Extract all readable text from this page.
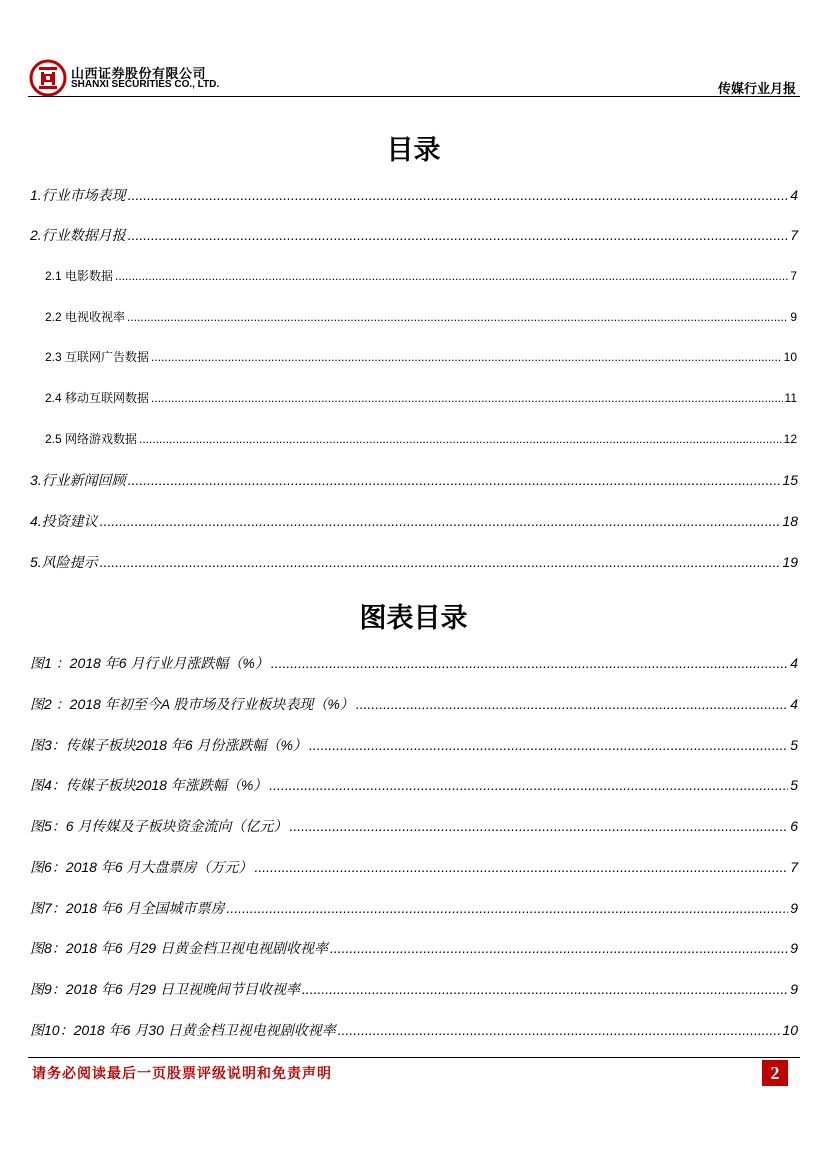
山西证券股份有限公司
SHANXI SECURITIES CO., LTD.	传媒行业月报
目录
1.行业市场表现 .....	4
2.行业数据月报 .....	7
2.1 电影数据 .....	7
2.2 电视收视率 .....	9
2.3 互联网广告数据 .....	10
2.4 移动互联网数据 .....	11
2.5 网络游戏数据 .....	12
3.行业新闻回顾 .....	15
4.投资建议 .....	18
5.风险提示 .....	19
图表目录
图1 ：2018 年6 月行业月涨跌幅（%） .....	4
图2 ：2018 年初至今A 股市场及行业板块表现（%） .....	4
图3：传媒子板块2018 年6 月份涨跌幅（%） .....	5
图4：传媒子板块2018 年涨跌幅（%） .....	5
图5：6 月传媒及子板块资金流向（亿元） .....	6
图6：2018 年6 月大盘票房（万元） .....	7
图7：2018 年6 月全国城市票房 .....	9
图8：2018 年6 月29 日黄金档卫视电视剧收视率 .....	9
图9：2018 年6 月29 日卫视晚间节目收视率 .....	9
图10：2018 年6 月30 日黄金档卫视电视剧收视率 .....	10
请务必阅读最后一页股票评级说明和免责声明	2
